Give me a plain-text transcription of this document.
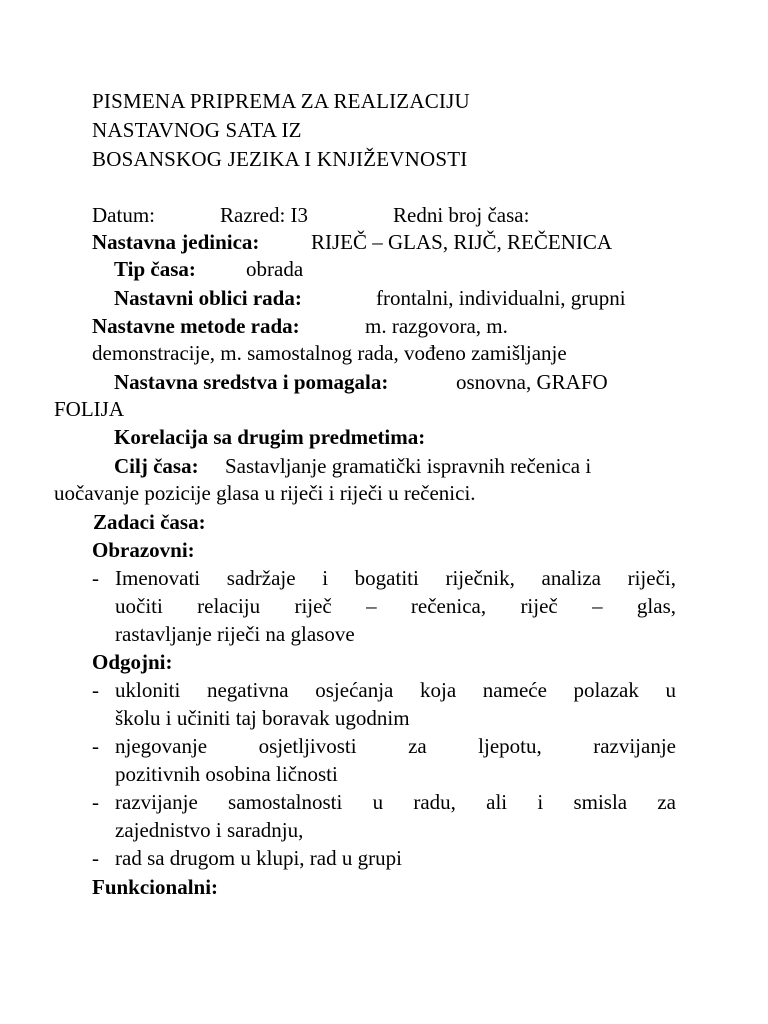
PISMENA PRIPREMA ZA REALIZACIJU
NASTAVNOG SATA IZ
BOSANSKOG JEZIKA I KNJIŽEVNOSTI
Datum:	Razred: I3	Redni broj časa:
Nastavna jedinica: RIJEČ – GLAS, RIJČ, REČENICA
Tip časa: obrada
Nastavni oblici rada:	frontalni, individualni, grupni
Nastavne metode rada:	m. razgovora, m.
demonstracije, m. samostalnog rada, vođeno zamišljanje
Nastavna sredstva i pomagala:	osnovna, GRAFO
FOLIJA
Korelacija sa drugim predmetima:
Cilj časa: Sastavljanje gramatički ispravnih rečenica i
uočavanje pozicije glasa u riječi i riječi u rečenici.
Zadaci časa:
Obrazovni:
- Imenovati sadržaje i bogatiti riječnik, analiza riječi,
uočiti relaciju riječ – rečenica, riječ – glas,
rastavljanje riječi na glasove
Odgojni:
- ukloniti negativna osjećanja koja nameće polazak u
školu i učiniti taj boravak ugodnim
- njegovanje osjetljivosti za ljepotu, razvijanje
pozitivnih osobina ličnosti
- razvijanje samostalnosti u radu, ali i smisla za
zajednistvo i saradnju,
- rad sa drugom u klupi, rad u grupi
Funkcionalni:
